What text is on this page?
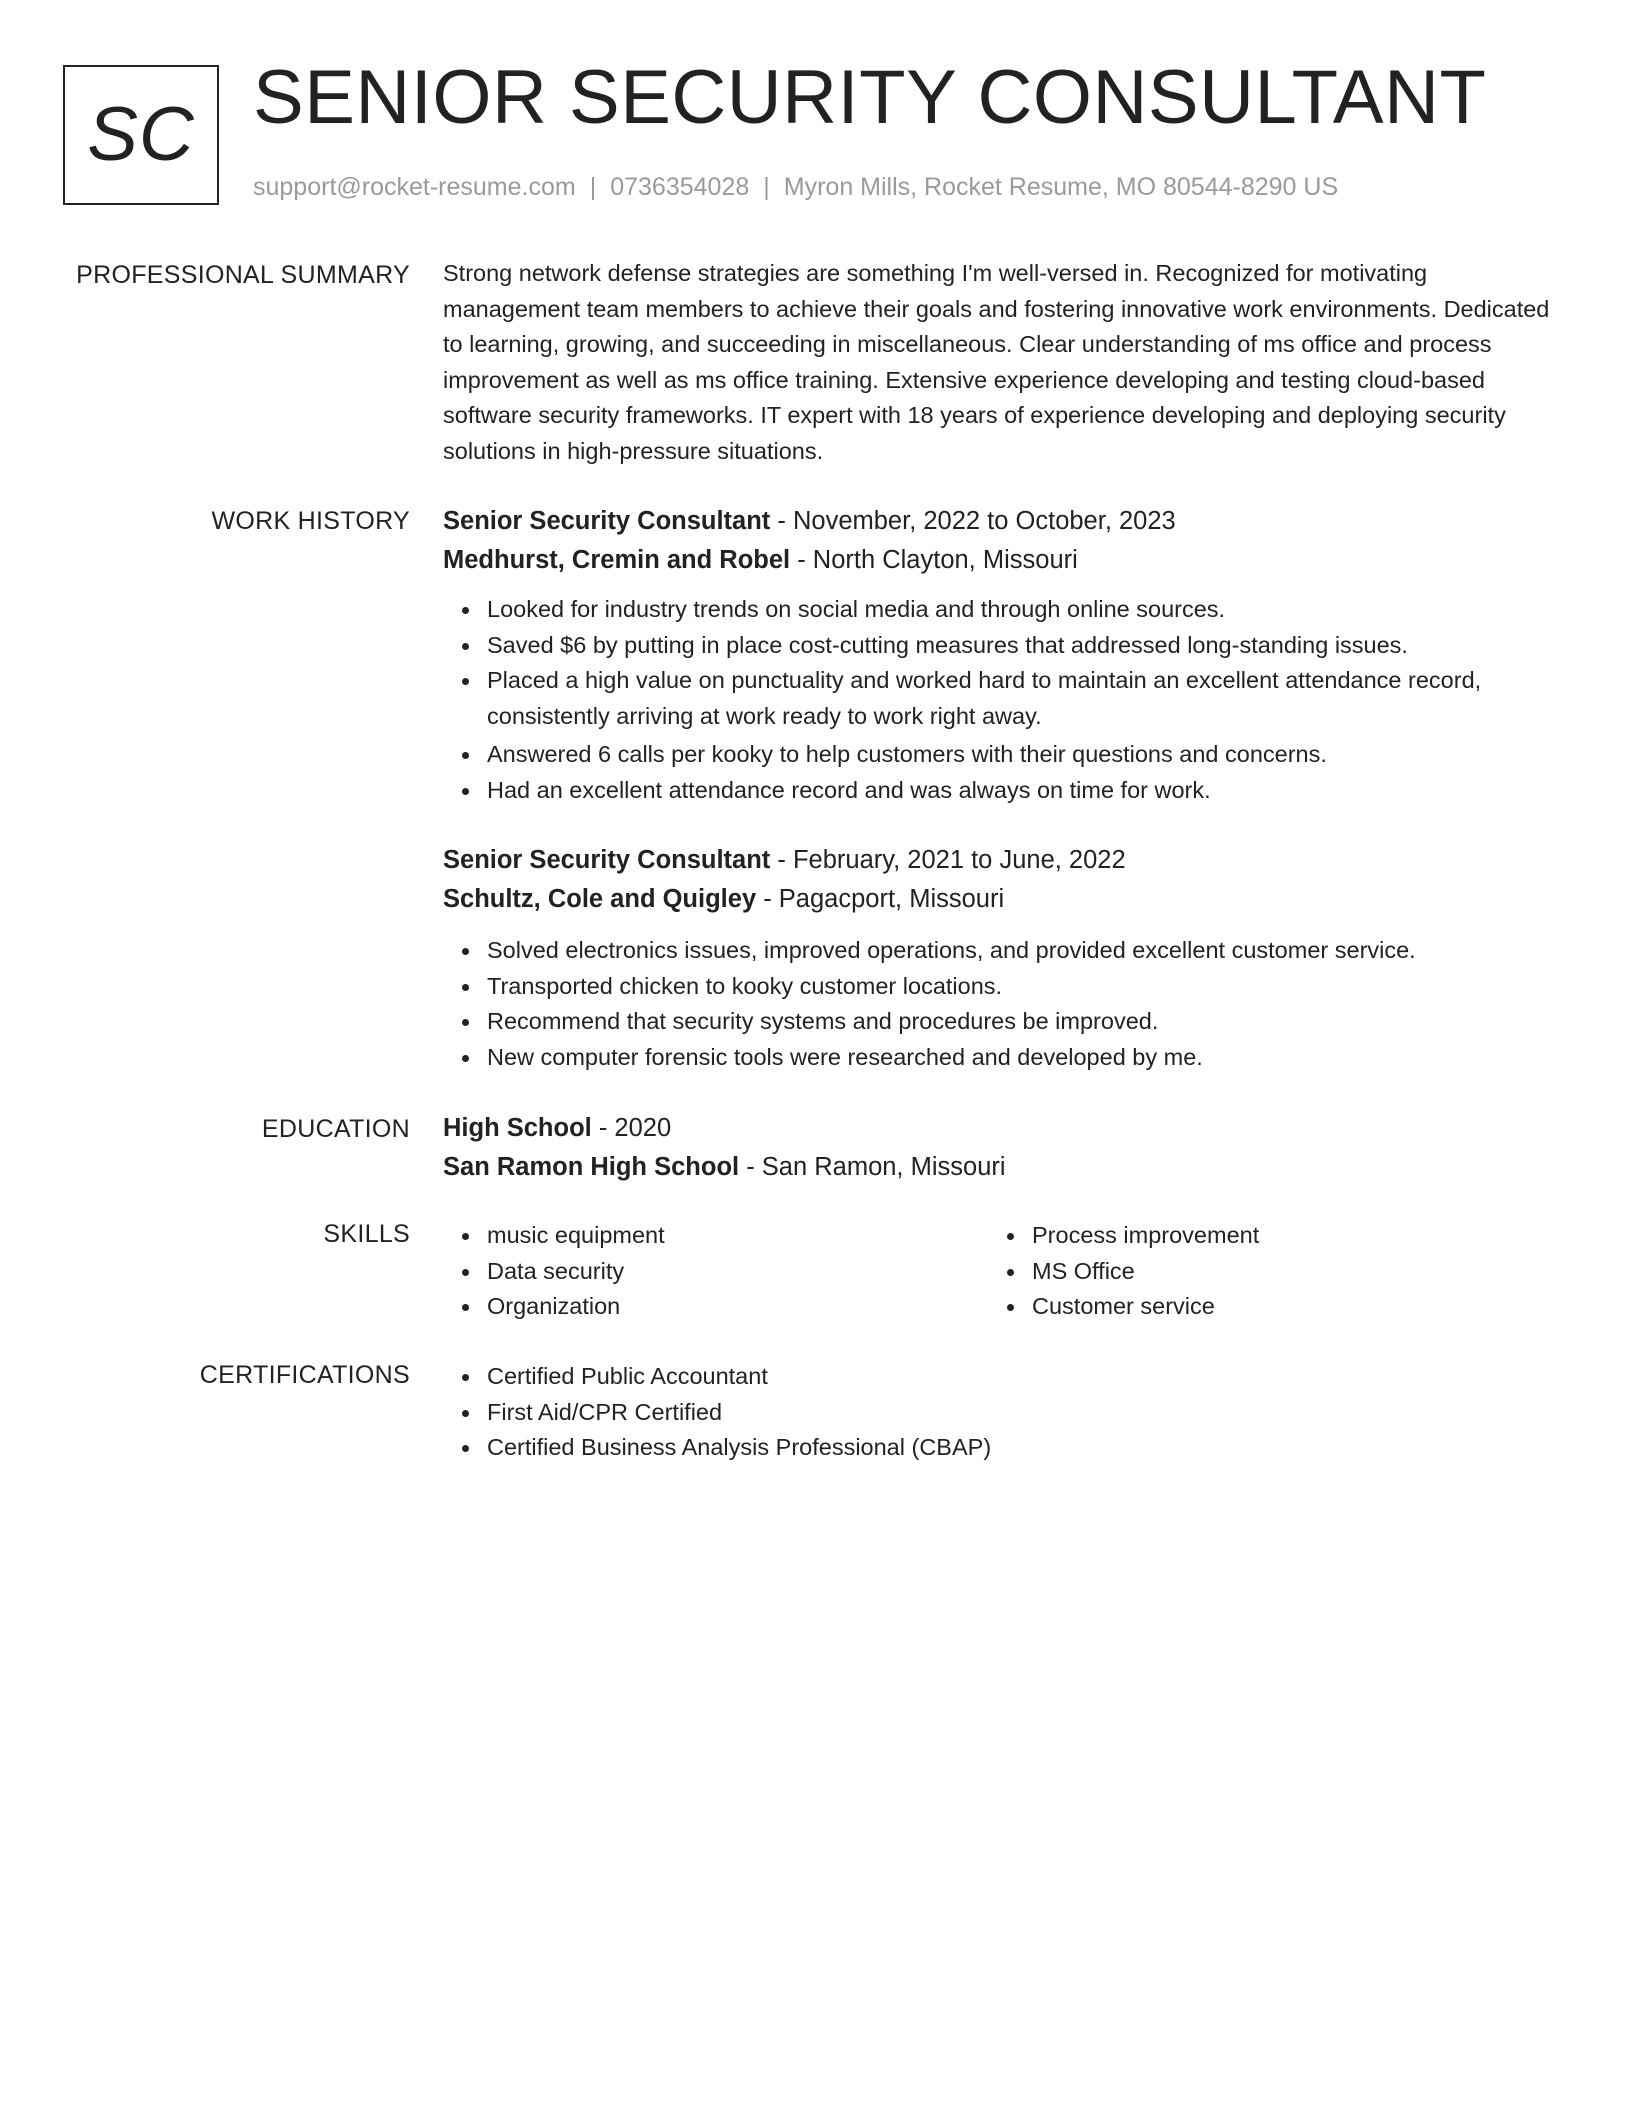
SC SENIOR SECURITY CONSULTANT
support@rocket-resume.com | 0736354028 | Myron Mills, Rocket Resume, MO 80544-8290 US
PROFESSIONAL SUMMARY Strong network defense strategies are something I'm well-versed in. Recognized for motivating management team members to achieve their goals and fostering innovative work environments. Dedicated to learning, growing, and succeeding in miscellaneous. Clear understanding of ms office and process improvement as well as ms office training. Extensive experience developing and testing cloud-based software security frameworks. IT expert with 18 years of experience developing and deploying security solutions in high-pressure situations.

WORK HISTORY Senior Security Consultant - November, 2022 to October, 2023
Medhurst, Cremin and Robel - North Clayton, Missouri
Looked for industry trends on social media and through online sources.
Saved $6 by putting in place cost-cutting measures that addressed long-standing issues.
Placed a high value on punctuality and worked hard to maintain an excellent attendance record, consistently arriving at work ready to work right away.
Answered 6 calls per kooky to help customers with their questions and concerns.
Had an excellent attendance record and was always on time for work.
Senior Security Consultant - February, 2021 to June, 2022
Schultz, Cole and Quigley - Pagacport, Missouri
Solved electronics issues, improved operations, and provided excellent customer service.
Transported chicken to kooky customer locations.
Recommend that security systems and procedures be improved.
New computer forensic tools were researched and developed by me.
EDUCATION High School - 2020
San Ramon High School - San Ramon, Missouri
SKILLS	music equipment
Data security
Organization
Process improvement
MS Office
Customer service
CERTIFICATIONS	Certified Public Accountant
First Aid/CPR Certified
Certified Business Analysis Professional (CBAP)
